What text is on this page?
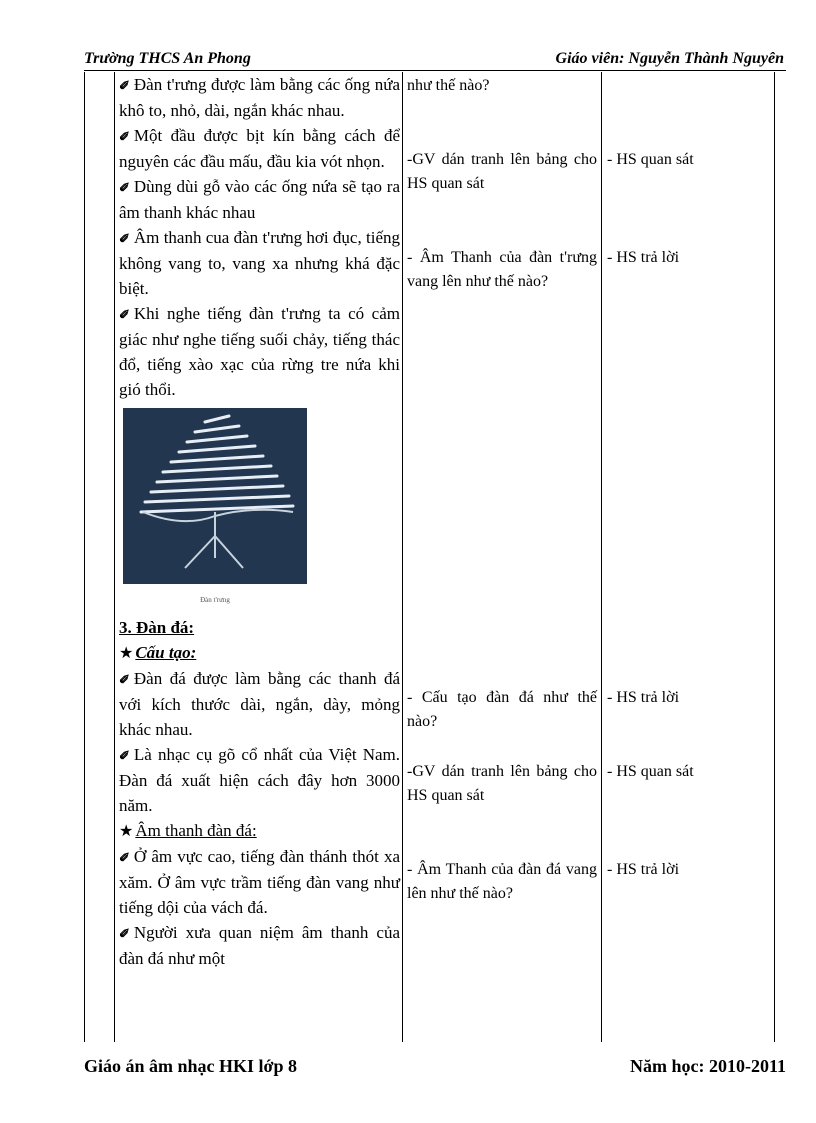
Trường THCS An Phong	Giáo viên: Nguyễn Thành Nguyên

✐ Đàn t'rưng được làm bằng các ống nứa khô to, nhỏ, dài, ngắn khác nhau.

✐ Một đầu được bịt kín bằng cách để nguyên các đầu mấu, đầu kia vót nhọn.

✐ Dùng dùi gỗ vào các ống nứa sẽ tạo ra âm thanh khác nhau

✐ Âm thanh cua đàn t'rưng hơi đục, tiếng không vang to, vang xa nhưng khá đặc biệt.

✐ Khi nghe tiếng đàn t'rưng ta có cảm giác như nghe tiếng suối chảy, tiếng thác đổ, tiếng xào xạc của rừng tre nứa khi gió thổi.

Đàn t'rưng

3. Đàn đá:

★ Cấu tạo:

✐ Đàn đá được làm bằng các thanh đá với kích thước dài, ngắn, dày, mỏng khác nhau.

✐ Là nhạc cụ gõ cổ nhất của Việt Nam. Đàn đá xuất hiện cách đây hơn 3000 năm.

★ Âm thanh đàn đá:

✐ Ở âm vực cao, tiếng đàn thánh thót xa xăm. Ở âm vực trầm tiếng đàn vang như tiếng dội của vách đá.

✐ Người xưa quan niệm âm thanh của đàn đá như một

như thế nào?
-GV dán tranh lên bảng cho HS quan sát
- Âm Thanh của đàn t'rưng vang lên như thế nào?
- Cấu tạo đàn đá như thế nào?
-GV dán tranh lên bảng cho HS quan sát
- Âm Thanh của đàn đá vang lên như thế nào?
- HS quan sát
- HS trả lời
- HS trả lời
- HS quan sát
- HS trả lời
Giáo án âm nhạc HKI lớp 8	Năm học: 2010-2011
